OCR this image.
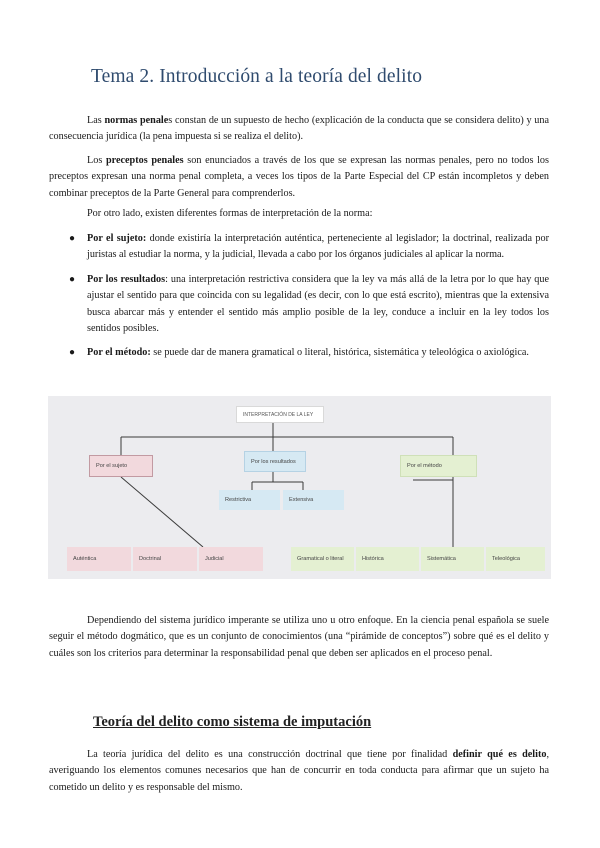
Tema 2. Introducción a la teoría del delito

Las normas penales constan de un supuesto de hecho (explicación de la conducta que se considera delito) y una consecuencia jurídica (la pena impuesta si se realiza el delito).

Los preceptos penales son enunciados a través de los que se expresan las normas penales, pero no todos los preceptos expresan una norma penal completa, a veces los tipos de la Parte Especial del CP están incompletos y deben combinar preceptos de la Parte General para comprenderlos.

Por otro lado, existen diferentes formas de interpretación de la norma:

● Por el sujeto: donde existiría la interpretación auténtica, perteneciente al legislador; la doctrinal, realizada por juristas al estudiar la norma, y la judicial, llevada a cabo por los órganos judiciales al aplicar la norma.
● Por los resultados: una interpretación restrictiva considera que la ley va más allá de la letra por lo que hay que ajustar el sentido para que coincida con su legalidad (es decir, con lo que está escrito), mientras que la extensiva busca abarcar más y entender el sentido más amplio posible de la ley, conduce a incluir en la ley todos los sentidos posibles.
● Por el método: se puede dar de manera gramatical o literal, histórica, sistemática y teleológica o axiológica.
INTERPRETACIÓN DE LA LEY
Por el sujeto
Por los resultados
Por el método
Restrictiva	Extensiva
Auténtica	Doctrinal	Judicial	Gramatical o literal	Histórica	Sistemática	Teleológica

Dependiendo del sistema jurídico imperante se utiliza uno u otro enfoque. En la ciencia penal española se suele seguir el método dogmático, que es un conjunto de conocimientos (una “pirámide de conceptos”) sobre qué es el delito y cuáles son los criterios para determinar la responsabilidad penal que deben ser aplicados en el proceso penal.

Teoría del delito como sistema de imputación

La teoría jurídica del delito es una construcción doctrinal que tiene por finalidad definir qué es delito, averiguando los elementos comunes necesarios que han de concurrir en toda conducta para afirmar que un sujeto ha cometido un delito y es responsable del mismo.
